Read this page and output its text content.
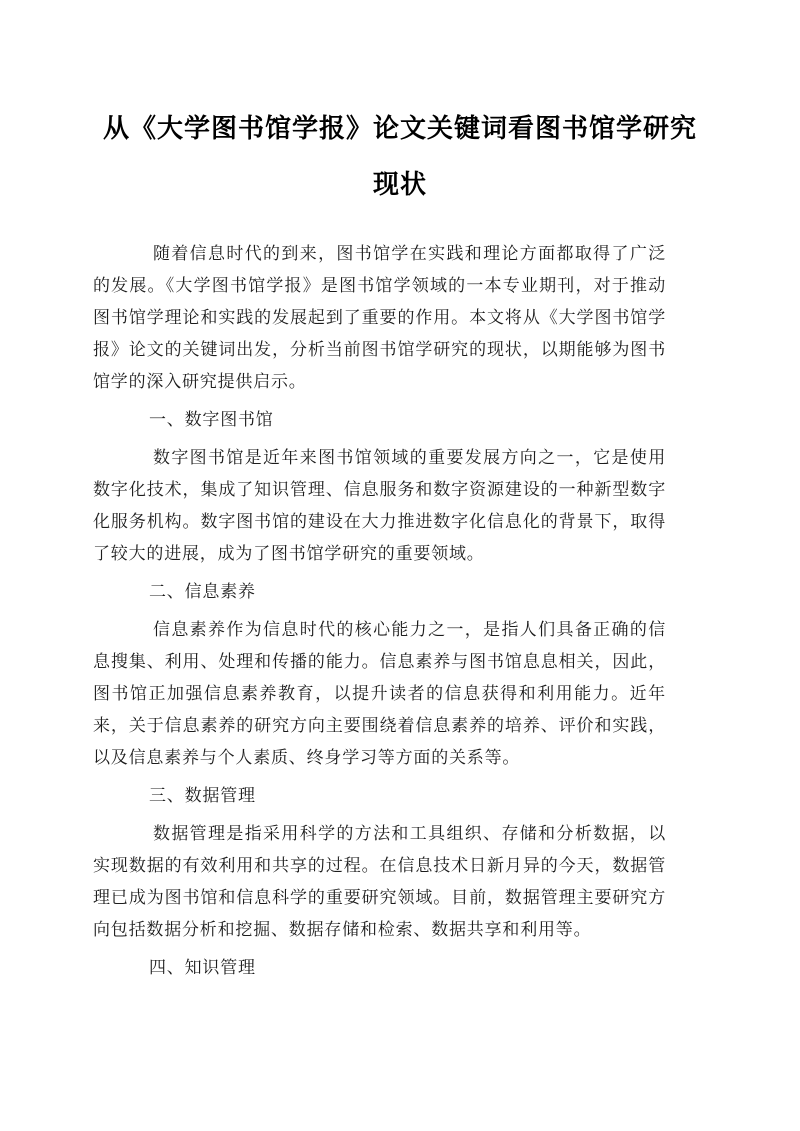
从《大学图书馆学报》论文关键词看图书馆学研究
现状

随着信息时代的到来，图书馆学在实践和理论方面都取得了广泛的发展。《大学图书馆学报》是图书馆学领域的一本专业期刊，对于推动图书馆学理论和实践的发展起到了重要的作用。本文将从《大学图书馆学报》论文的关键词出发，分析当前图书馆学研究的现状，以期能够为图书馆学的深入研究提供启示。

一、数字图书馆

数字图书馆是近年来图书馆领域的重要发展方向之一，它是使用数字化技术，集成了知识管理、信息服务和数字资源建设的一种新型数字化服务机构。数字图书馆的建设在大力推进数字化信息化的背景下，取得了较大的进展，成为了图书馆学研究的重要领域。

二、信息素养

信息素养作为信息时代的核心能力之一，是指人们具备正确的信息搜集、利用、处理和传播的能力。信息素养与图书馆息息相关，因此，图书馆正加强信息素养教育，以提升读者的信息获得和利用能力。近年来，关于信息素养的研究方向主要围绕着信息素养的培养、评价和实践，以及信息素养与个人素质、终身学习等方面的关系等。

三、数据管理

数据管理是指采用科学的方法和工具组织、存储和分析数据，以实现数据的有效利用和共享的过程。在信息技术日新月异的今天，数据管理已成为图书馆和信息科学的重要研究领域。目前，数据管理主要研究方向包括数据分析和挖掘、数据存储和检索、数据共享和利用等。

四、知识管理
